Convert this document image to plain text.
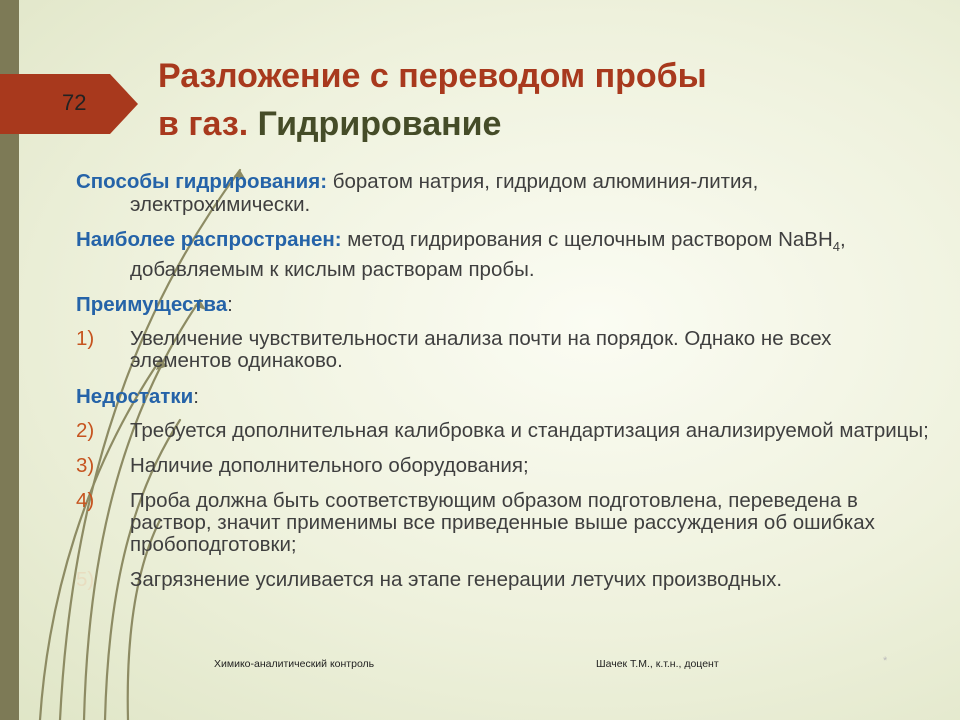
72
Разложение с переводом пробы
в газ. Гидрирование
Способы гидрирования: боратом натрия, гидридом алюминия-лития, электрохимически.
Наиболее распространен: метод гидрирования с щелочным раствором NaBH$_4$, добавляемым к кислым растворам пробы.
Преимущества:
1) Увеличение чувствительности анализа почти на порядок. Однако не всех элементов одинаково.
Недостатки:
2) Требуется дополнительная калибровка и стандартизация анализируемой матрицы;
3) Наличие дополнительного оборудования;
4) Проба должна быть соответствующим образом подготовлена, переведена в раствор, значит применимы все приведенные выше рассуждения об ошибках пробоподготовки;
5) Загрязнение усиливается на этапе генерации летучих производных.
Химико-аналитический контроль	Шачек Т.М., к.т.н., доцент	*
